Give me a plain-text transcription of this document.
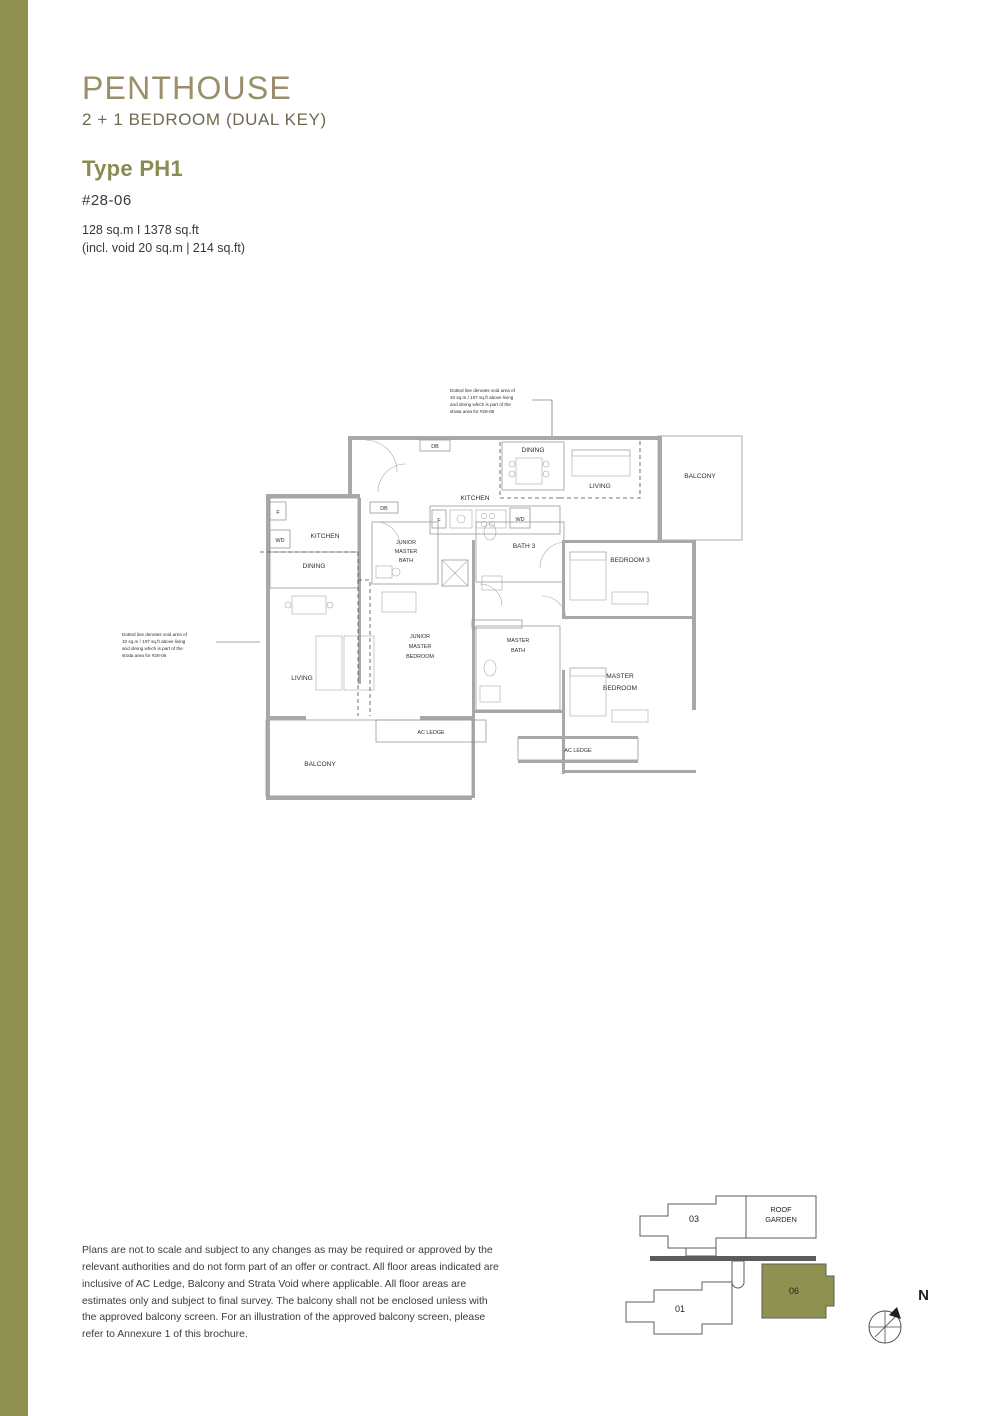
PENTHOUSE
2 + 1 BEDROOM (DUAL KEY)
Type PH1
#28-06
128 sq.m I 1378 sq.ft
(incl. void 20 sq.m | 214 sq.ft)
Dotted line denotes void area of
10 sq.m / 107 sq.ft above living
and dining which is part of the
strata area for #28-06
Dotted line denotes void area of
10 sq.m / 107 sq.ft above living
and dining which is part of the
strata area for #28-06
DB	DINING
LIVING
BALCONY
KITCHEN
F	WD
F
WD
KITCHEN
DB
DINING
LIVING
BALCONY
JUNIOR
MASTER
BATH
BATH 3
BEDROOM 3
JUNIOR
MASTER
BEDROOM
MASTER
BATH
MASTER
BEDROOM
AC LEDGE
AC LEDGE
Plans are not to scale and subject to any changes as may be required or approved by the relevant authorities and do not form part of an offer or contract. All floor areas indicated are inclusive of AC Ledge, Balcony and Strata Void where applicable. All floor areas are estimates only and subject to final survey. The balcony shall not be enclosed unless with the approved balcony screen. For an illustration of the approved balcony screen, please refer to Annexure 1 of this brochure.
03
ROOF
GARDEN
01
06	N
